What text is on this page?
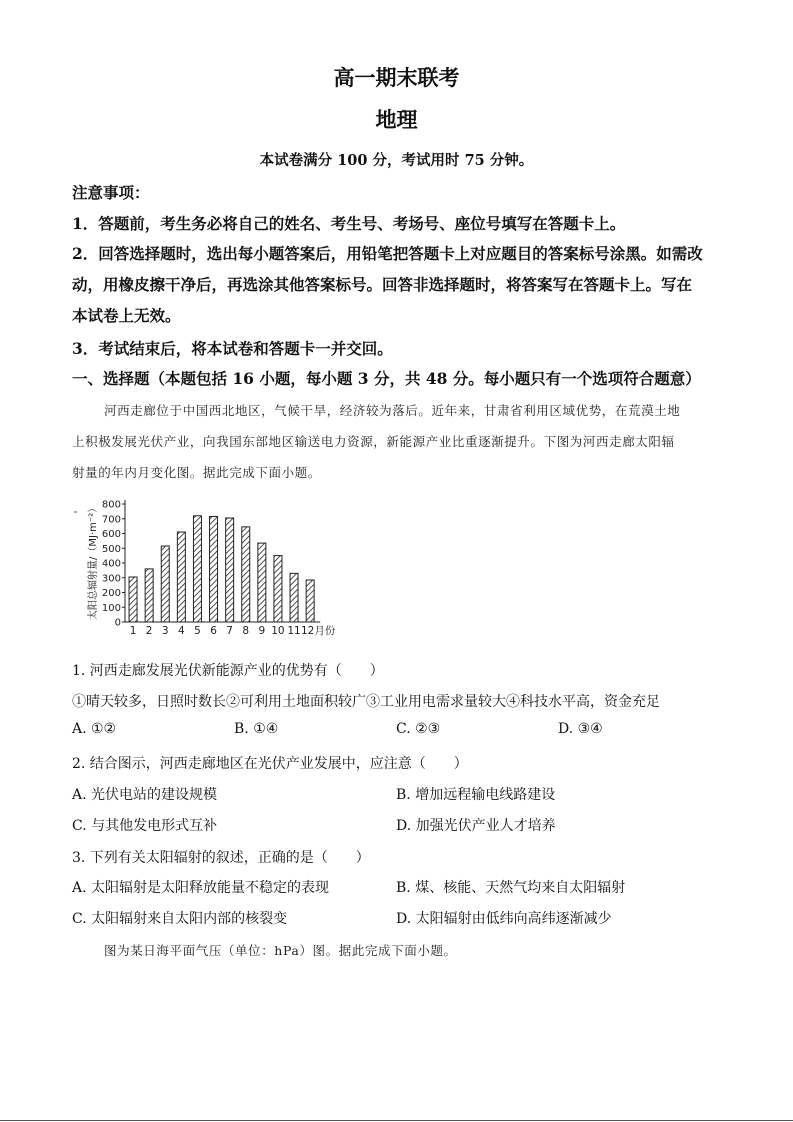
高一期末联考
地理
本试卷满分 100 分，考试用时 75 分钟。
注意事项：
1．答题前，考生务必将自己的姓名、考生号、考场号、座位号填写在答题卡上。
2．回答选择题时，选出每小题答案后，用铅笔把答题卡上对应题目的答案标号涂黑。如需改
动，用橡皮擦干净后，再选涂其他答案标号。回答非选择题时，将答案写在答题卡上。写在
本试卷上无效。
3．考试结束后，将本试卷和答题卡一并交回。
一、选择题（本题包括 16 小题，每小题 3 分，共 48 分。每小题只有一个选项符合题意）
河西走廊位于中国西北地区，气候干旱，经济较为落后。近年来，甘肃省利用区域优势，在荒漠土地
上积极发展光伏产业，向我国东部地区输送电力资源，新能源产业比重逐渐提升。下图为河西走廊太阳辐
射量的年内月变化图。据此完成下面小题。
0
100
200
300
400
500
600
700
800
太阳总辐射量/（MJ·m⁻²）
1 2 3 4 5 6 7 8 9 10 11 12月份
1. 河西走廊发展光伏新能源产业的优势有（　　）
①晴天较多，日照时数长②可利用土地面积较广③工业用电需求量较大④科技水平高，资金充足
A. ①②	B. ①④	C. ②③	D. ③④
2. 结合图示，河西走廊地区在光伏产业发展中，应注意（　　）
A. 光伏电站的建设规模	B. 增加远程输电线路建设
C. 与其他发电形式互补	D. 加强光伏产业人才培养
3. 下列有关太阳辐射的叙述，正确的是（　　）
A. 太阳辐射是太阳释放能量不稳定的表现	B. 煤、核能、天然气均来自太阳辐射
C. 太阳辐射来自太阳内部的核裂变	D. 太阳辐射由低纬向高纬逐渐减少
图为某日海平面气压（单位：hPa）图。据此完成下面小题。
